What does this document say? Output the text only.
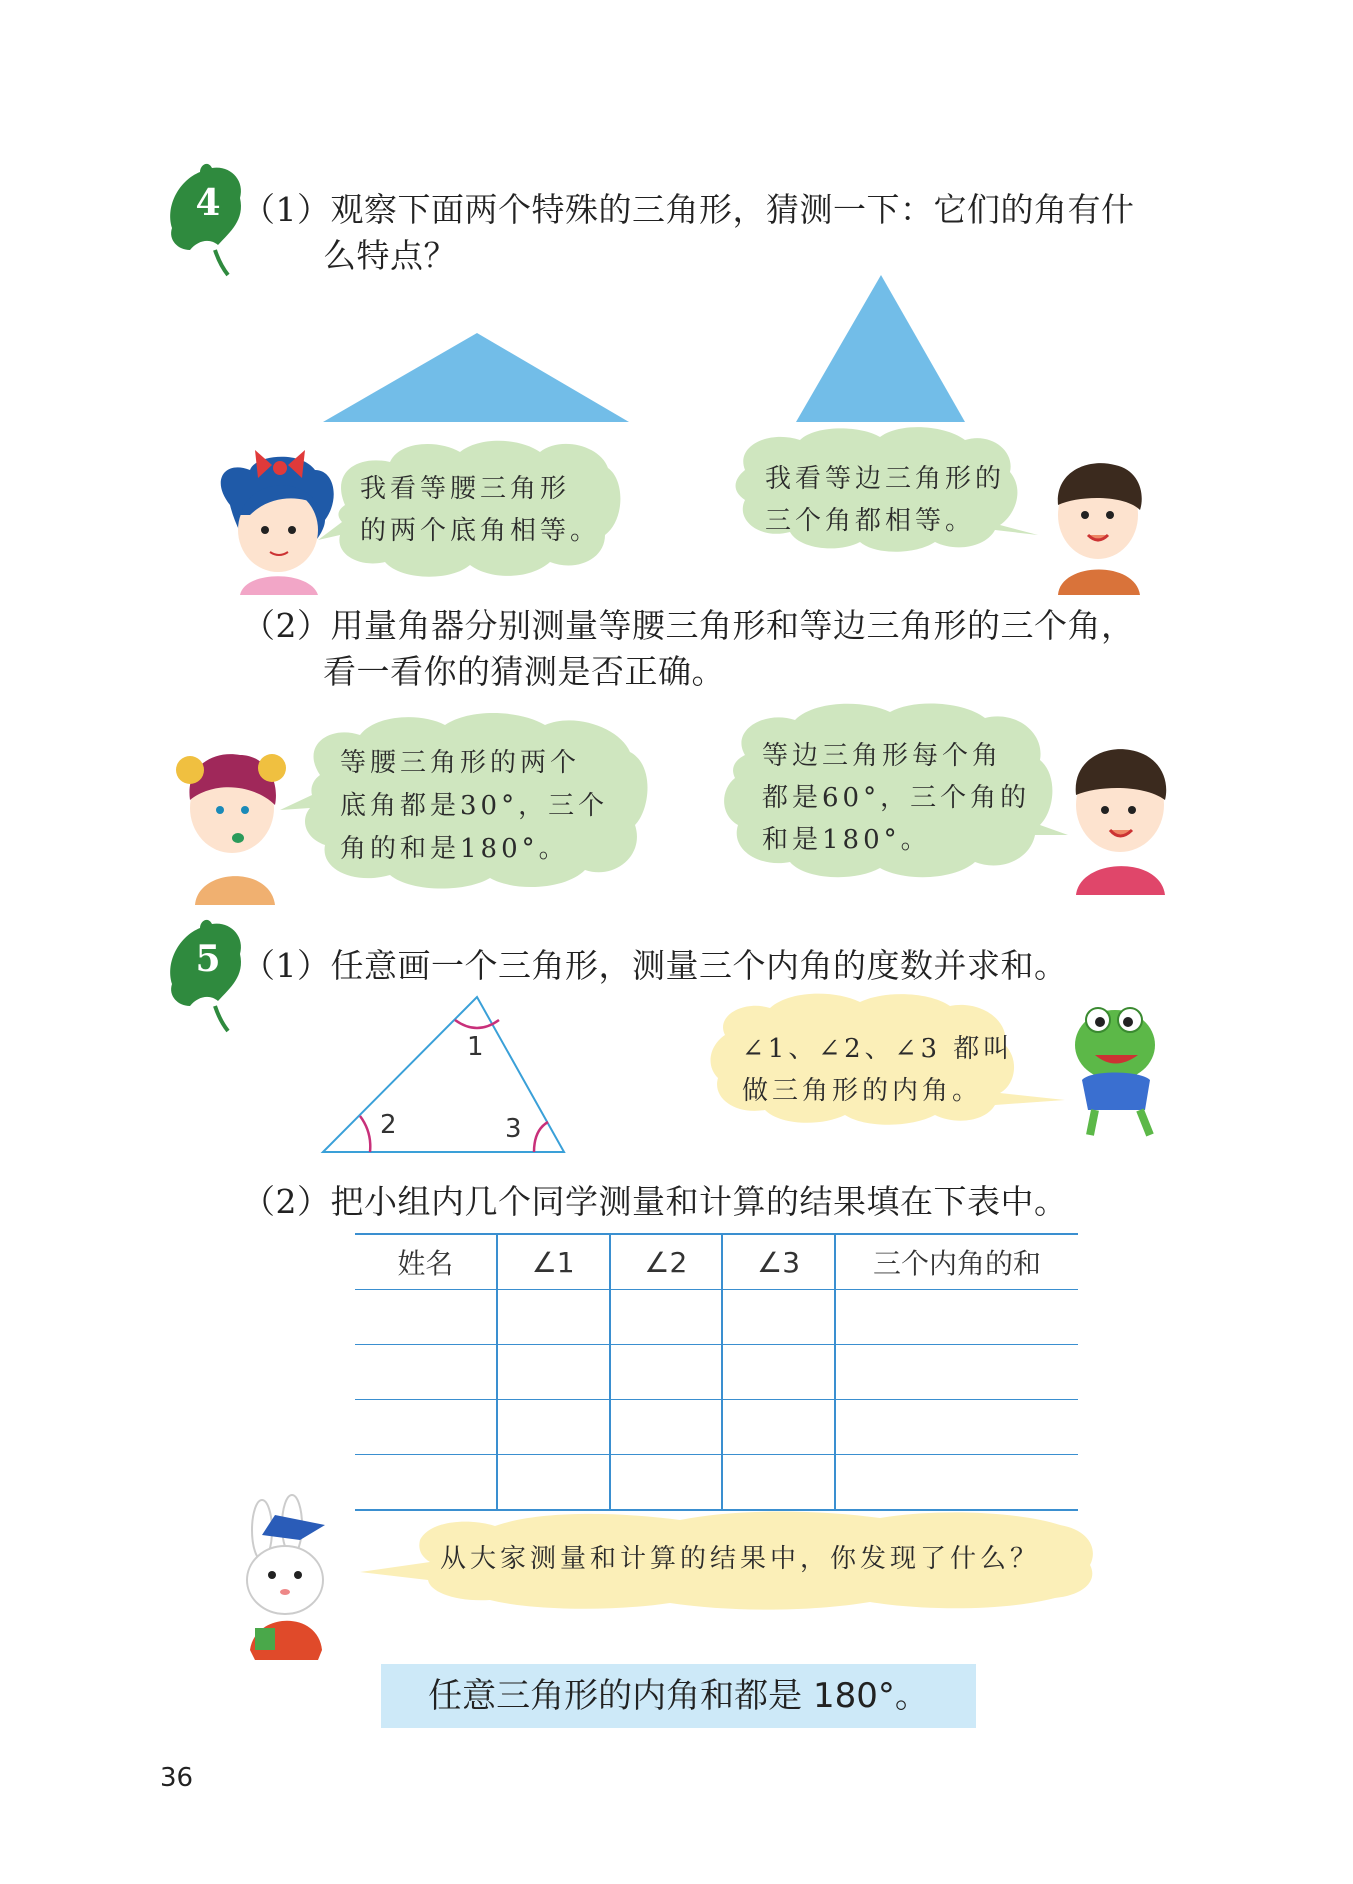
4 （1）观察下面两个特殊的三角形，猜测一下：它们的角有什
么特点？
我看等腰三角形
的两个底角相等。
我看等边三角形的
三个角都相等。
（2）用量角器分别测量等腰三角形和等边三角形的三个角，
看一看你的猜测是否正确。
等腰三角形的两个
底角都是30°，三个
角的和是180°。
等边三角形每个角
都是60°，三个角的
和是180°。
5 （1）任意画一个三角形，测量三个内角的度数并求和。
1
2	3
∠1、∠2、∠3 都叫
做三角形的内角。
（2）把小组内几个同学测量和计算的结果填在下表中。
姓名	∠1	∠2	∠3	三个内角的和

从大家测量和计算的结果中，你发现了什么？
任意三角形的内角和都是 180°。
36
